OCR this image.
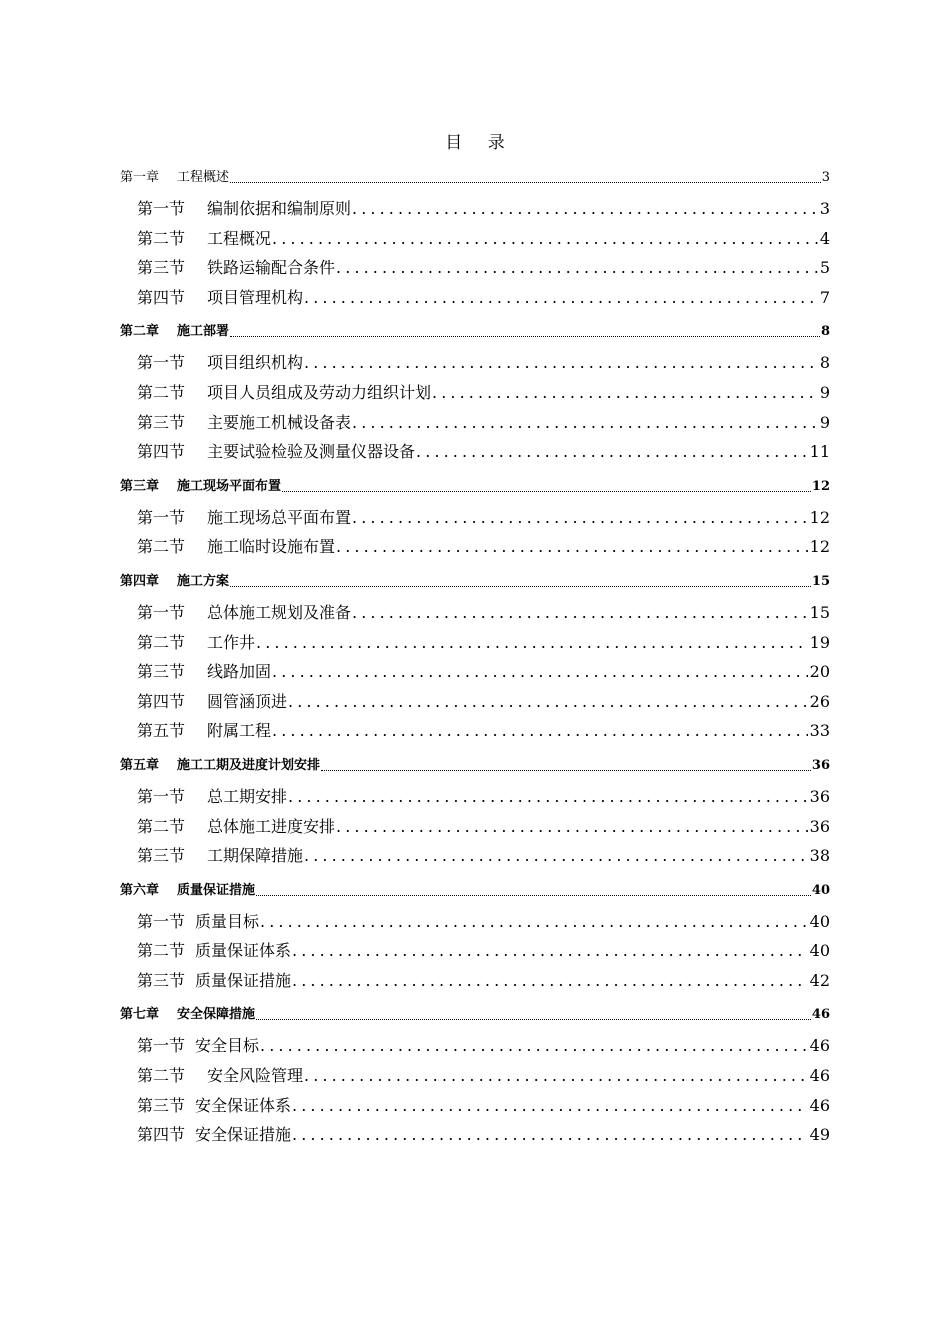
目 录
第一章 工程概述	3
第一节 编制依据和编制原则 .....	3
第二节 工程概况 .....	4
第三节 铁路运输配合条件 .....	5
第四节 项目管理机构 .....	7
第二章 施工部署	8
第一节 项目组织机构 .....	8
第二节 项目人员组成及劳动力组织计划 .....	9
第三节 主要施工机械设备表 .....	9
第四节 主要试验检验及测量仪器设备 .....	11
第三章 施工现场平面布置	12
第一节 施工现场总平面布置 .....	12
第二节 施工临时设施布置 .....	12
第四章 施工方案	15
第一节 总体施工规划及准备 .....	15
第二节 工作井 .....	19
第三节 线路加固 .....	20
第四节 圆管涵顶进 .....	26
第五节 附属工程 .....	33
第五章 施工工期及进度计划安排	36
第一节 总工期安排 .....	36
第二节 总体施工进度安排 .....	36
第三节 工期保障措施 .....	38
第六章 质量保证措施	40
第一节 质量目标 .....	40
第二节 质量保证体系 .....	40
第三节 质量保证措施 .....	42
第七章 安全保障措施	46
第一节 安全目标 .....	46
第二节 安全风险管理 .....	46
第三节 安全保证体系 .....	46
第四节 安全保证措施 .....	49
